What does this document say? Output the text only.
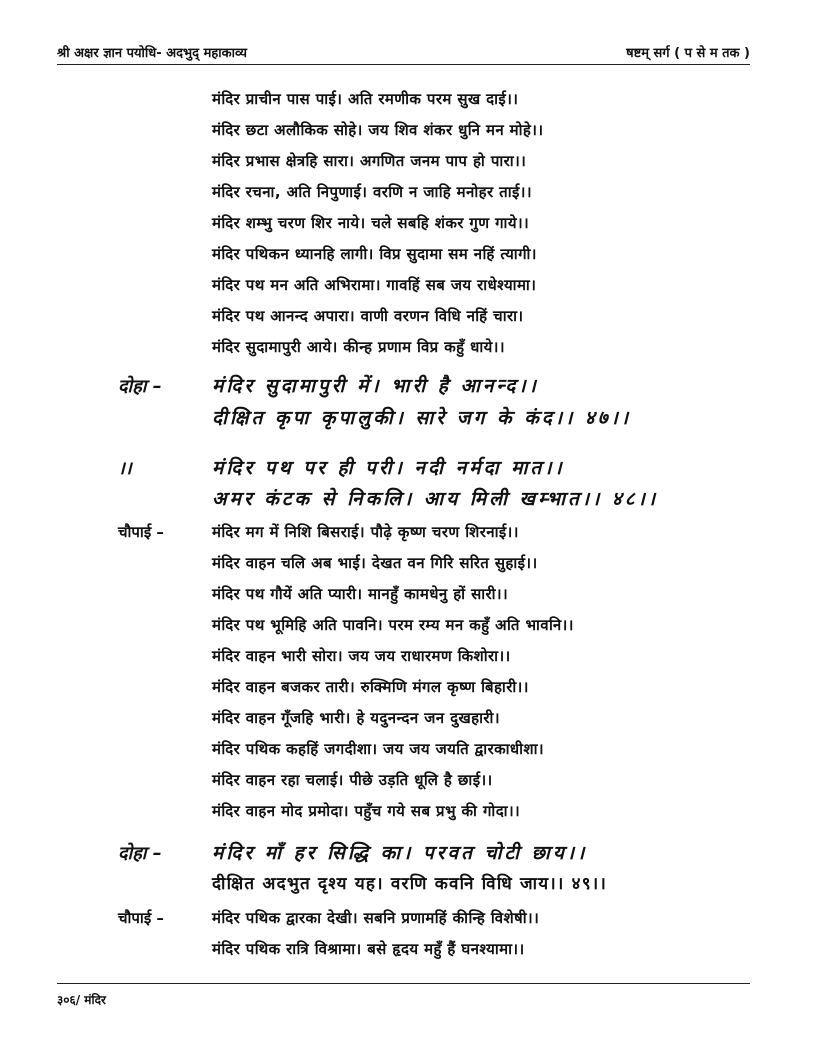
श्री अक्षर ज्ञान पयोधि- अदभुद् महाकाव्य	षष्टम् सर्ग ( प से म तक )
मंदिर प्राचीन पास पाई। अति रमणीक परम सुख दाई।।
मंदिर छटा अलौकिक सोहे। जय शिव शंकर धुनि मन मोहे।।
मंदिर प्रभास क्षेत्रहि सारा। अगणित जनम पाप हो पारा।।
मंदिर रचना, अति निपुणाई। वरणि न जाहि मनोहर ताई।।
मंदिर शम्भु चरण शिर नाये। चले सबहि शंकर गुण गाये।।
मंदिर पथिकन ध्यानहि लागी। विप्र सुदामा सम नहिं त्यागी।
मंदिर पथ मन अति अभिरामा। गावहिं सब जय राधेश्यामा।
मंदिर पथ आनन्द अपारा। वाणी वरणन विधि नहिं चारा।
मंदिर सुदामापुरी आये। कीन्ह प्रणाम विप्र कहुँ धाये।।
दोहा –	मंदिर सुदामापुरी में। भारी है आनन्द।।
दीक्षित कृपा कृपालुकी। सारे जग के कंद।। ४७।।
।।	मंदिर पथ पर ही परी। नदी नर्मदा मात।।
अमर कंटक से निकलि। आय मिली खम्भात।। ४८।।
चौपाई –	मंदिर मग में निशि बिसराई। पौढ़े कृष्ण चरण शिरनाई।।
मंदिर वाहन चलि अब भाई। देखत वन गिरि सरित सुहाई।।
मंदिर पथ गौयें अति प्यारी। मानहुँ कामधेनु हों सारी।।
मंदिर पथ भूमिहि अति पावनि। परम रम्य मन कहुँ अति भावनि।।
मंदिर वाहन भारी सोरा। जय जय राधारमण किशोरा।।
मंदिर वाहन बजकर तारी। रुक्मिणि मंगल कृष्ण बिहारी।।
मंदिर वाहन गूँजहि भारी। हे यदुनन्दन जन दुखहारी।
मंदिर पथिक कहहिं जगदीशा। जय जय जयति द्वारकाधीशा।
मंदिर वाहन रहा चलाई। पीछे उड़ति धूलि है छाई।।
मंदिर वाहन मोद प्रमोदा। पहुँच गये सब प्रभु की गोदा।।
दोहा –	मंदिर माँ हर सिद्धि का। परवत चोटी छाय।।
दीक्षित अदभुत दृश्य यह। वरणि कवनि विधि जाय।। ४९।।
चौपाई –	मंदिर पथिक द्वारका देखी। सबनि प्रणामहिं कीन्हि विशेषी।।
मंदिर पथिक रात्रि विश्रामा। बसे हृदय महुँ हैं घनश्यामा।।
३०६/ मंदिर
